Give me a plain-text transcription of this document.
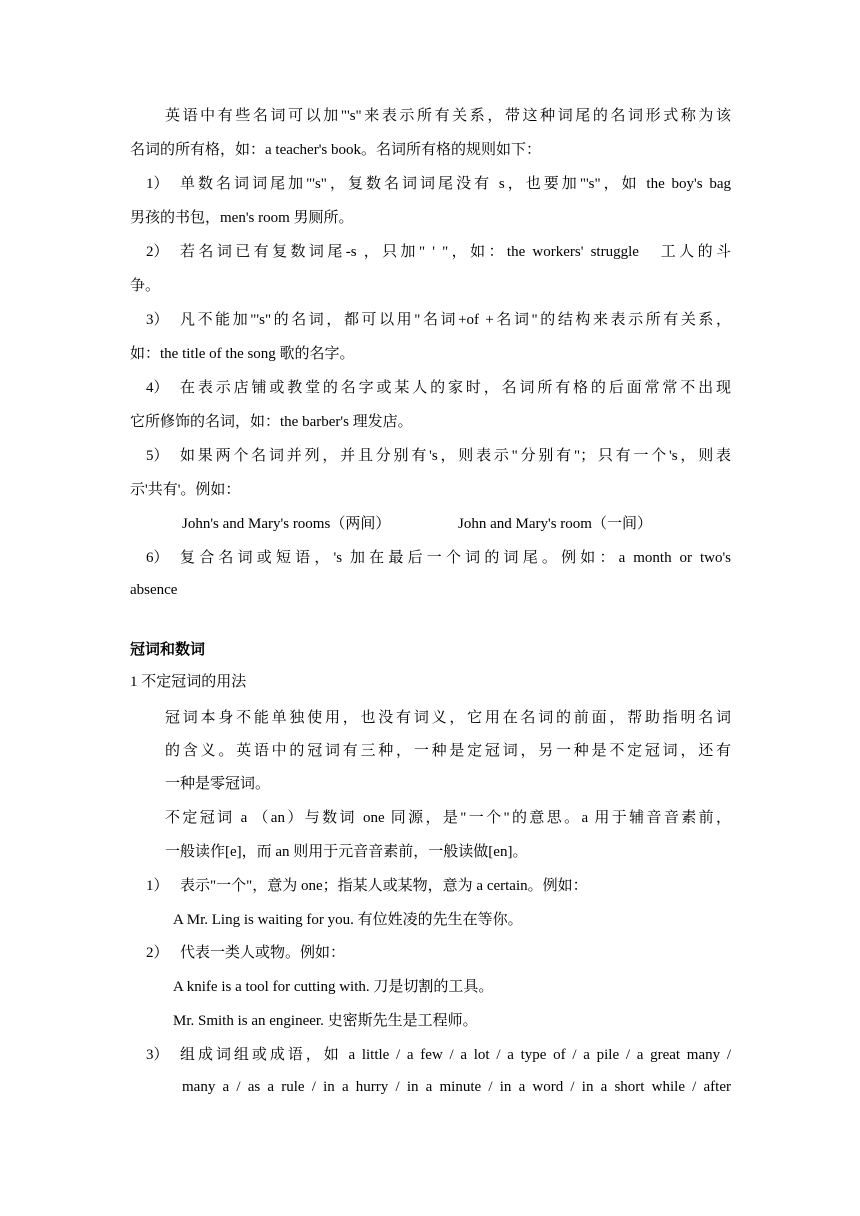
英语中有些名词可以加"'s"来表示所有关系，带这种词尾的名词形式称为该
名词的所有格，如：a teacher's book。名词所有格的规则如下：
1） 单数名词词尾加"'s"，复数名词词尾没有 s，也要加"'s"，如 the boy's bag
男孩的书包，men's room 男厕所。
2） 若名词已有复数词尾-s ，只加" ' "，如：the workers' struggle　工人的斗
争。
3） 凡不能加"'s"的名词，都可以用"名词+of +名词"的结构来表示所有关系，
如：the title of the song 歌的名字。
4） 在表示店铺或教堂的名字或某人的家时，名词所有格的后面常常不出现
它所修饰的名词，如：the barber's 理发店。
5） 如果两个名词并列，并且分别有's，则表示"分别有"；只有一个's，则表
示'共有'。例如：
John's and Mary's rooms（两间）	John and Mary's room（一间）
6） 复合名词或短语，'s 加在最后一个词的词尾。例如：a month or two's
absence
冠词和数词
1 不定冠词的用法
冠词本身不能单独使用，也没有词义，它用在名词的前面，帮助指明名词
的含义。英语中的冠词有三种，一种是定冠词，另一种是不定冠词，还有
一种是零冠词。
不定冠词 a （an）与数词 one 同源，是"一个"的意思。a 用于辅音音素前，
一般读作[e]，而 an 则用于元音音素前，一般读做[en]。
1） 表示"一个"，意为 one；指某人或某物，意为 a certain。例如：
A Mr. Ling is waiting for you. 有位姓凌的先生在等你。
2） 代表一类人或物。例如：
A knife is a tool for cutting with. 刀是切割的工具。
Mr. Smith is an engineer. 史密斯先生是工程师。
3） 组成词组或成语，如 a little / a few / a lot / a type of / a pile / a great many /
many a / as a rule / in a hurry / in a minute / in a word / in a short while / after
